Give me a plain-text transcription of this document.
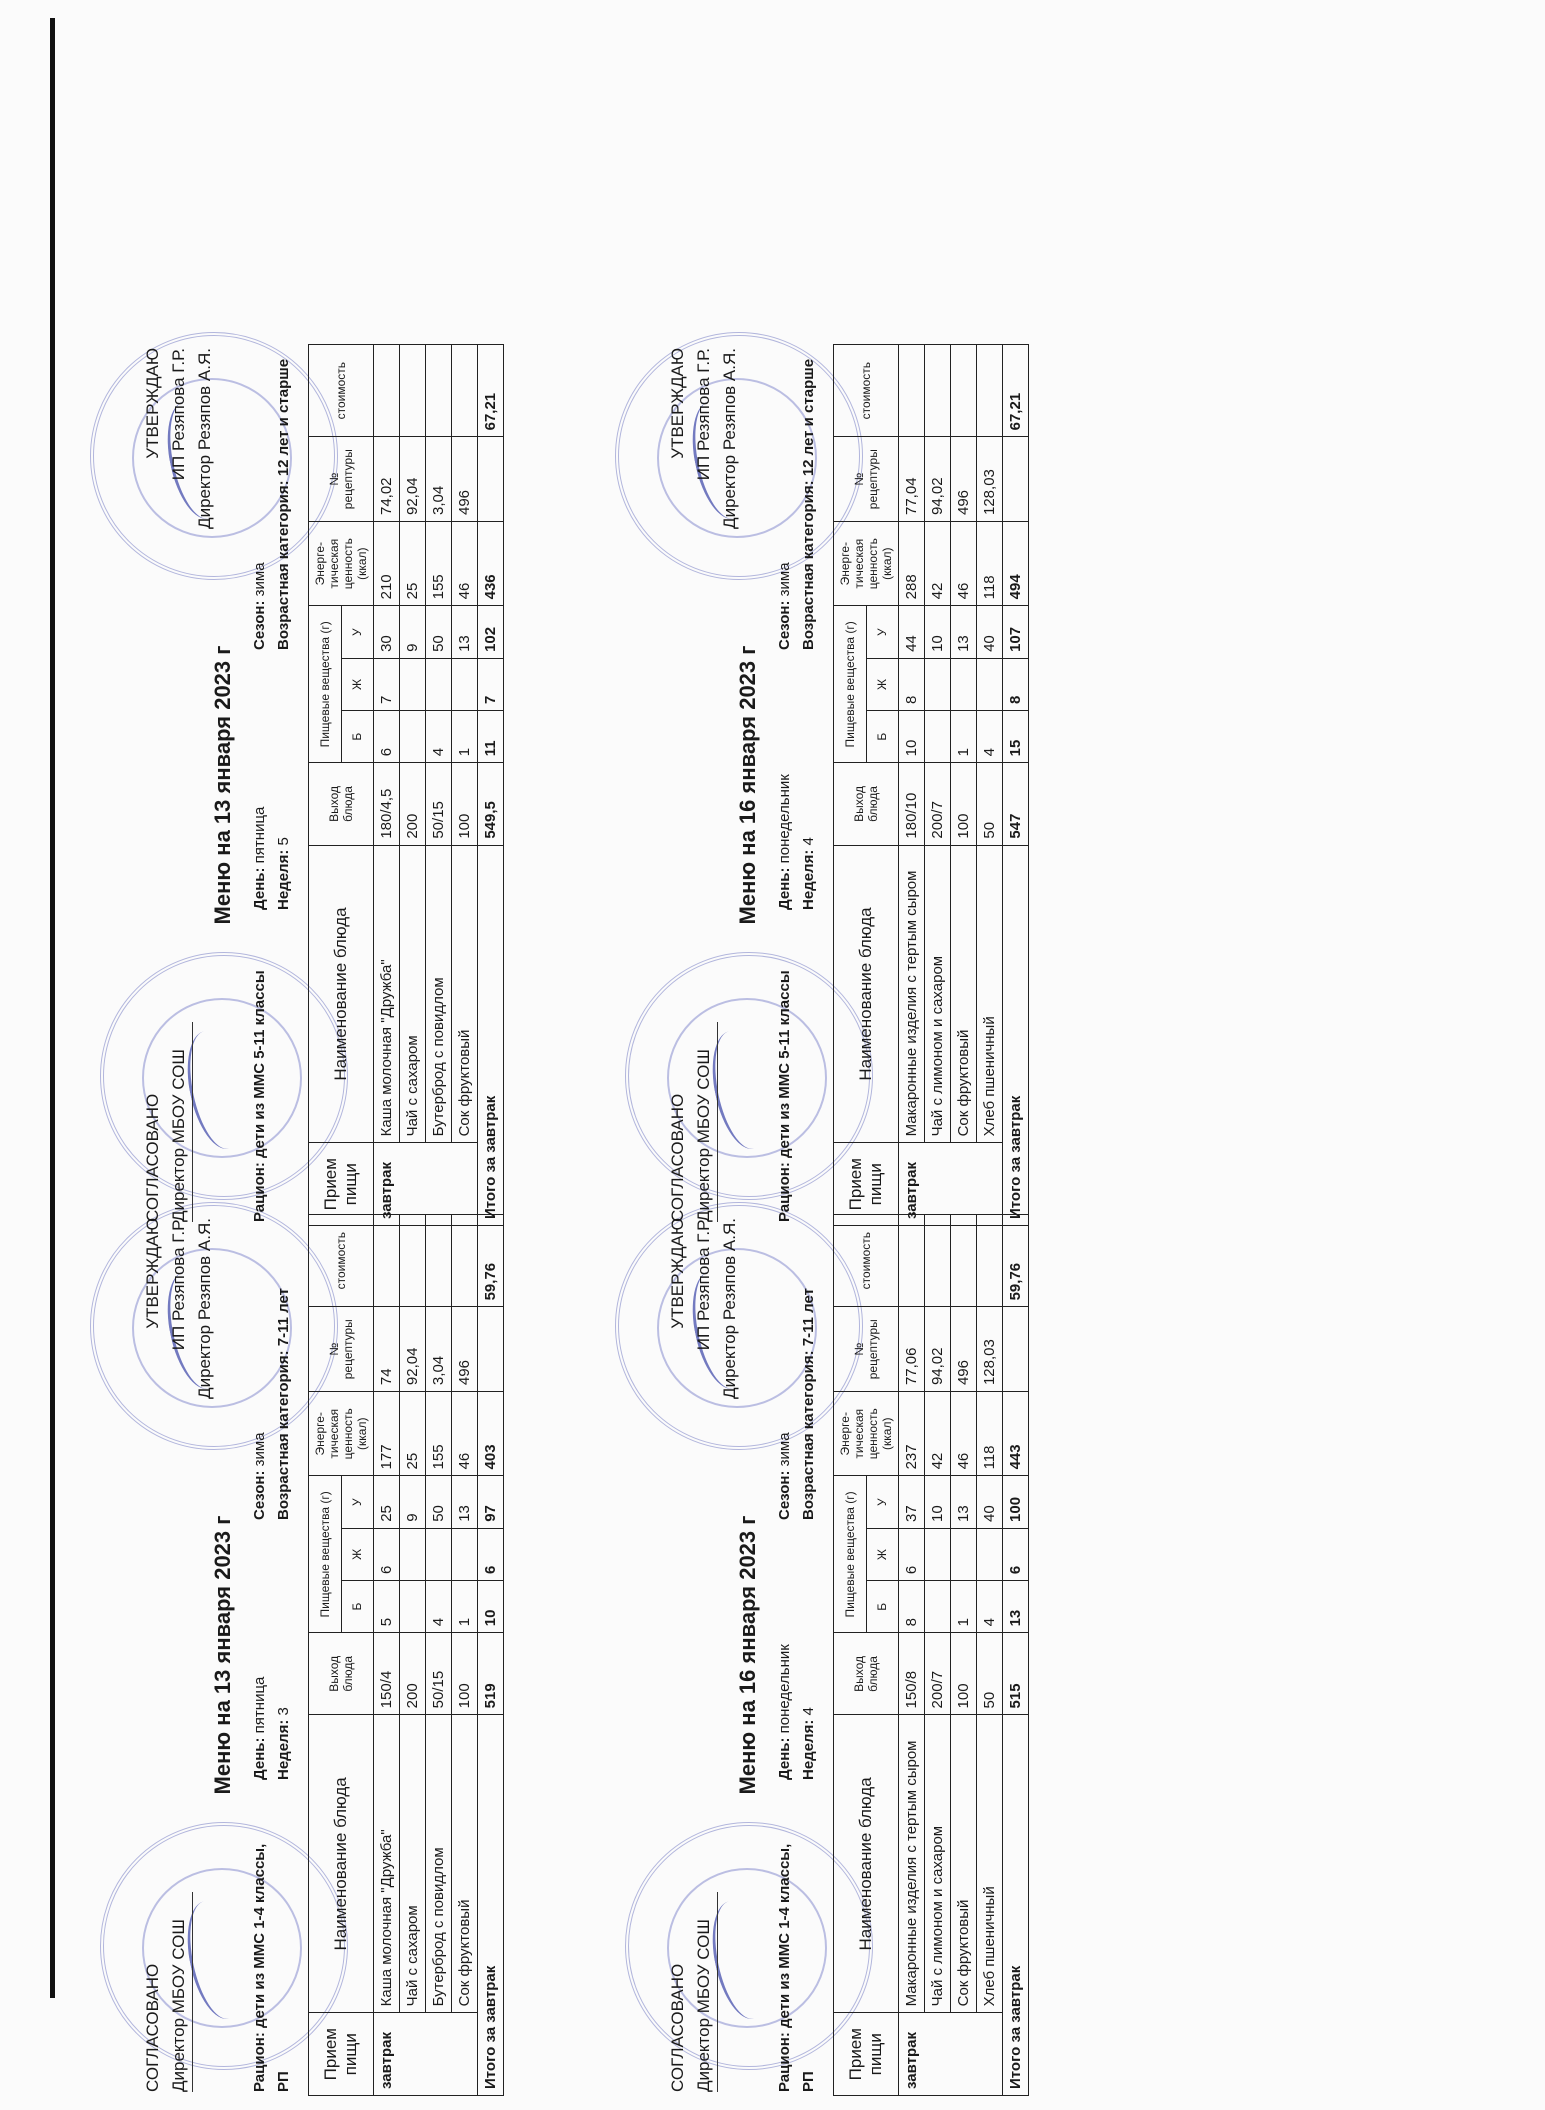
СОГЛАСОВАНО Директор МБОУ СОШ
УТВЕРЖДАЮ ИП Резяпова Г.Р. Директор Резяпов А.Я.
Меню на 13 января 2023 г
Рацион: дети из ММС 1-4 классы, РП
День: пятница
Неделя: 3
Сезон: зима Возрастная категория: 7-11 лет
Прием пищи	Наименование блюда	Выход блюда	Пищевые вещества (г)			Энерге-тическая ценность (ккал)	№ рецептуры	стоимость
			Б	Ж	У			
завтрак	Каша молочная "Дружба"	150/4	5	6	25	177	74	
	Чай с сахаром	200			9	25	92,04	
	Бутерброд с повидлом	50/15	4		50	155	3,04	
	Сок фруктовый	100	1		13	46	496	
Итого за завтрак		519	10	6	97	403		59,76
СОГЛАСОВАНО Директор МБОУ СОШ
УТВЕРЖДАЮ ИП Резяпова Г.Р. Директор Резяпов А.Я.
Меню на 13 января 2023 г
Рацион: дети из МMC 5-11 классы
День: пятница
Неделя: 5
Сезон: зима Возрастная категория: 12 лет и старше
Прием пищи	Наименование блюда	Выход блюда	Пищевые вещества (г)			Энерге-тическая ценность (ккал)	№ рецептуры	стоимость
			Б	Ж	У			
завтрак	Каша молочная "Дружба"	180/4,5	6	7	30	210	74,02	
	Чай с сахаром	200			9	25	92,04	
	Бутерброд с повидлом	50/15	4		50	155	3,04	
	Сок фруктовый	100	1		13	46	496	
Итого за завтрак		549,5	11	7	102	436		67,21
СОГЛАСОВАНО Директор МБОУ СОШ
УТВЕРЖДАЮ ИП Резяпова Г.Р. Директор Резяпов А.Я.
Меню на 16 января 2023 г
Рацион: дети из МMC 1-4 классы, РП
День: понедельник
Неделя: 4
Сезон: зима Возрастная категория: 7-11 лет
Прием пищи	Наименование блюда	Выход блюда	Пищевые вещества (г)			Энерге-тическая ценность (ккал)	№ рецептуры	стоимость
			Б	Ж	У			
завтрак	Макаронные изделия с тертым сыром	150/8	8	6	37	237	77,06	
	Чай с лимоном и сахаром	200/7			10	42	94,02	
	Сок фруктовый	100	1		13	46	496	
	Хлеб пшеничный	50	4		40	118	128,03	
Итого за завтрак		515	13	6	100	443		59,76
СОГЛАСОВАНО Директор МБОУ СОШ
УТВЕРЖДАЮ ИП Резяпова Г.Р. Директор Резяпов А.Я.
Меню на 16 января 2023 г
Рацион: дети из МMC 5-11 классы
День: понедельник
Неделя: 4
Сезон: зима Возрастная категория: 12 лет и старше
Прием пищи	Наименование блюда	Выход блюда	Пищевые вещества (г)			Энерге-тическая ценность (ккал)	№ рецептуры	стоимость
			Б	Ж	У			
завтрак	Макаронные изделия с тертым сыром	180/10	10	8	44	288	77,04	
	Чай с лимоном и сахаром	200/7			10	42	94,02	
	Сок фруктовый	100	1		13	46	496	
	Хлеб пшеничный	50	4		40	118	128,03	
Итого за завтрак		547	15	8	107	494		67,21
